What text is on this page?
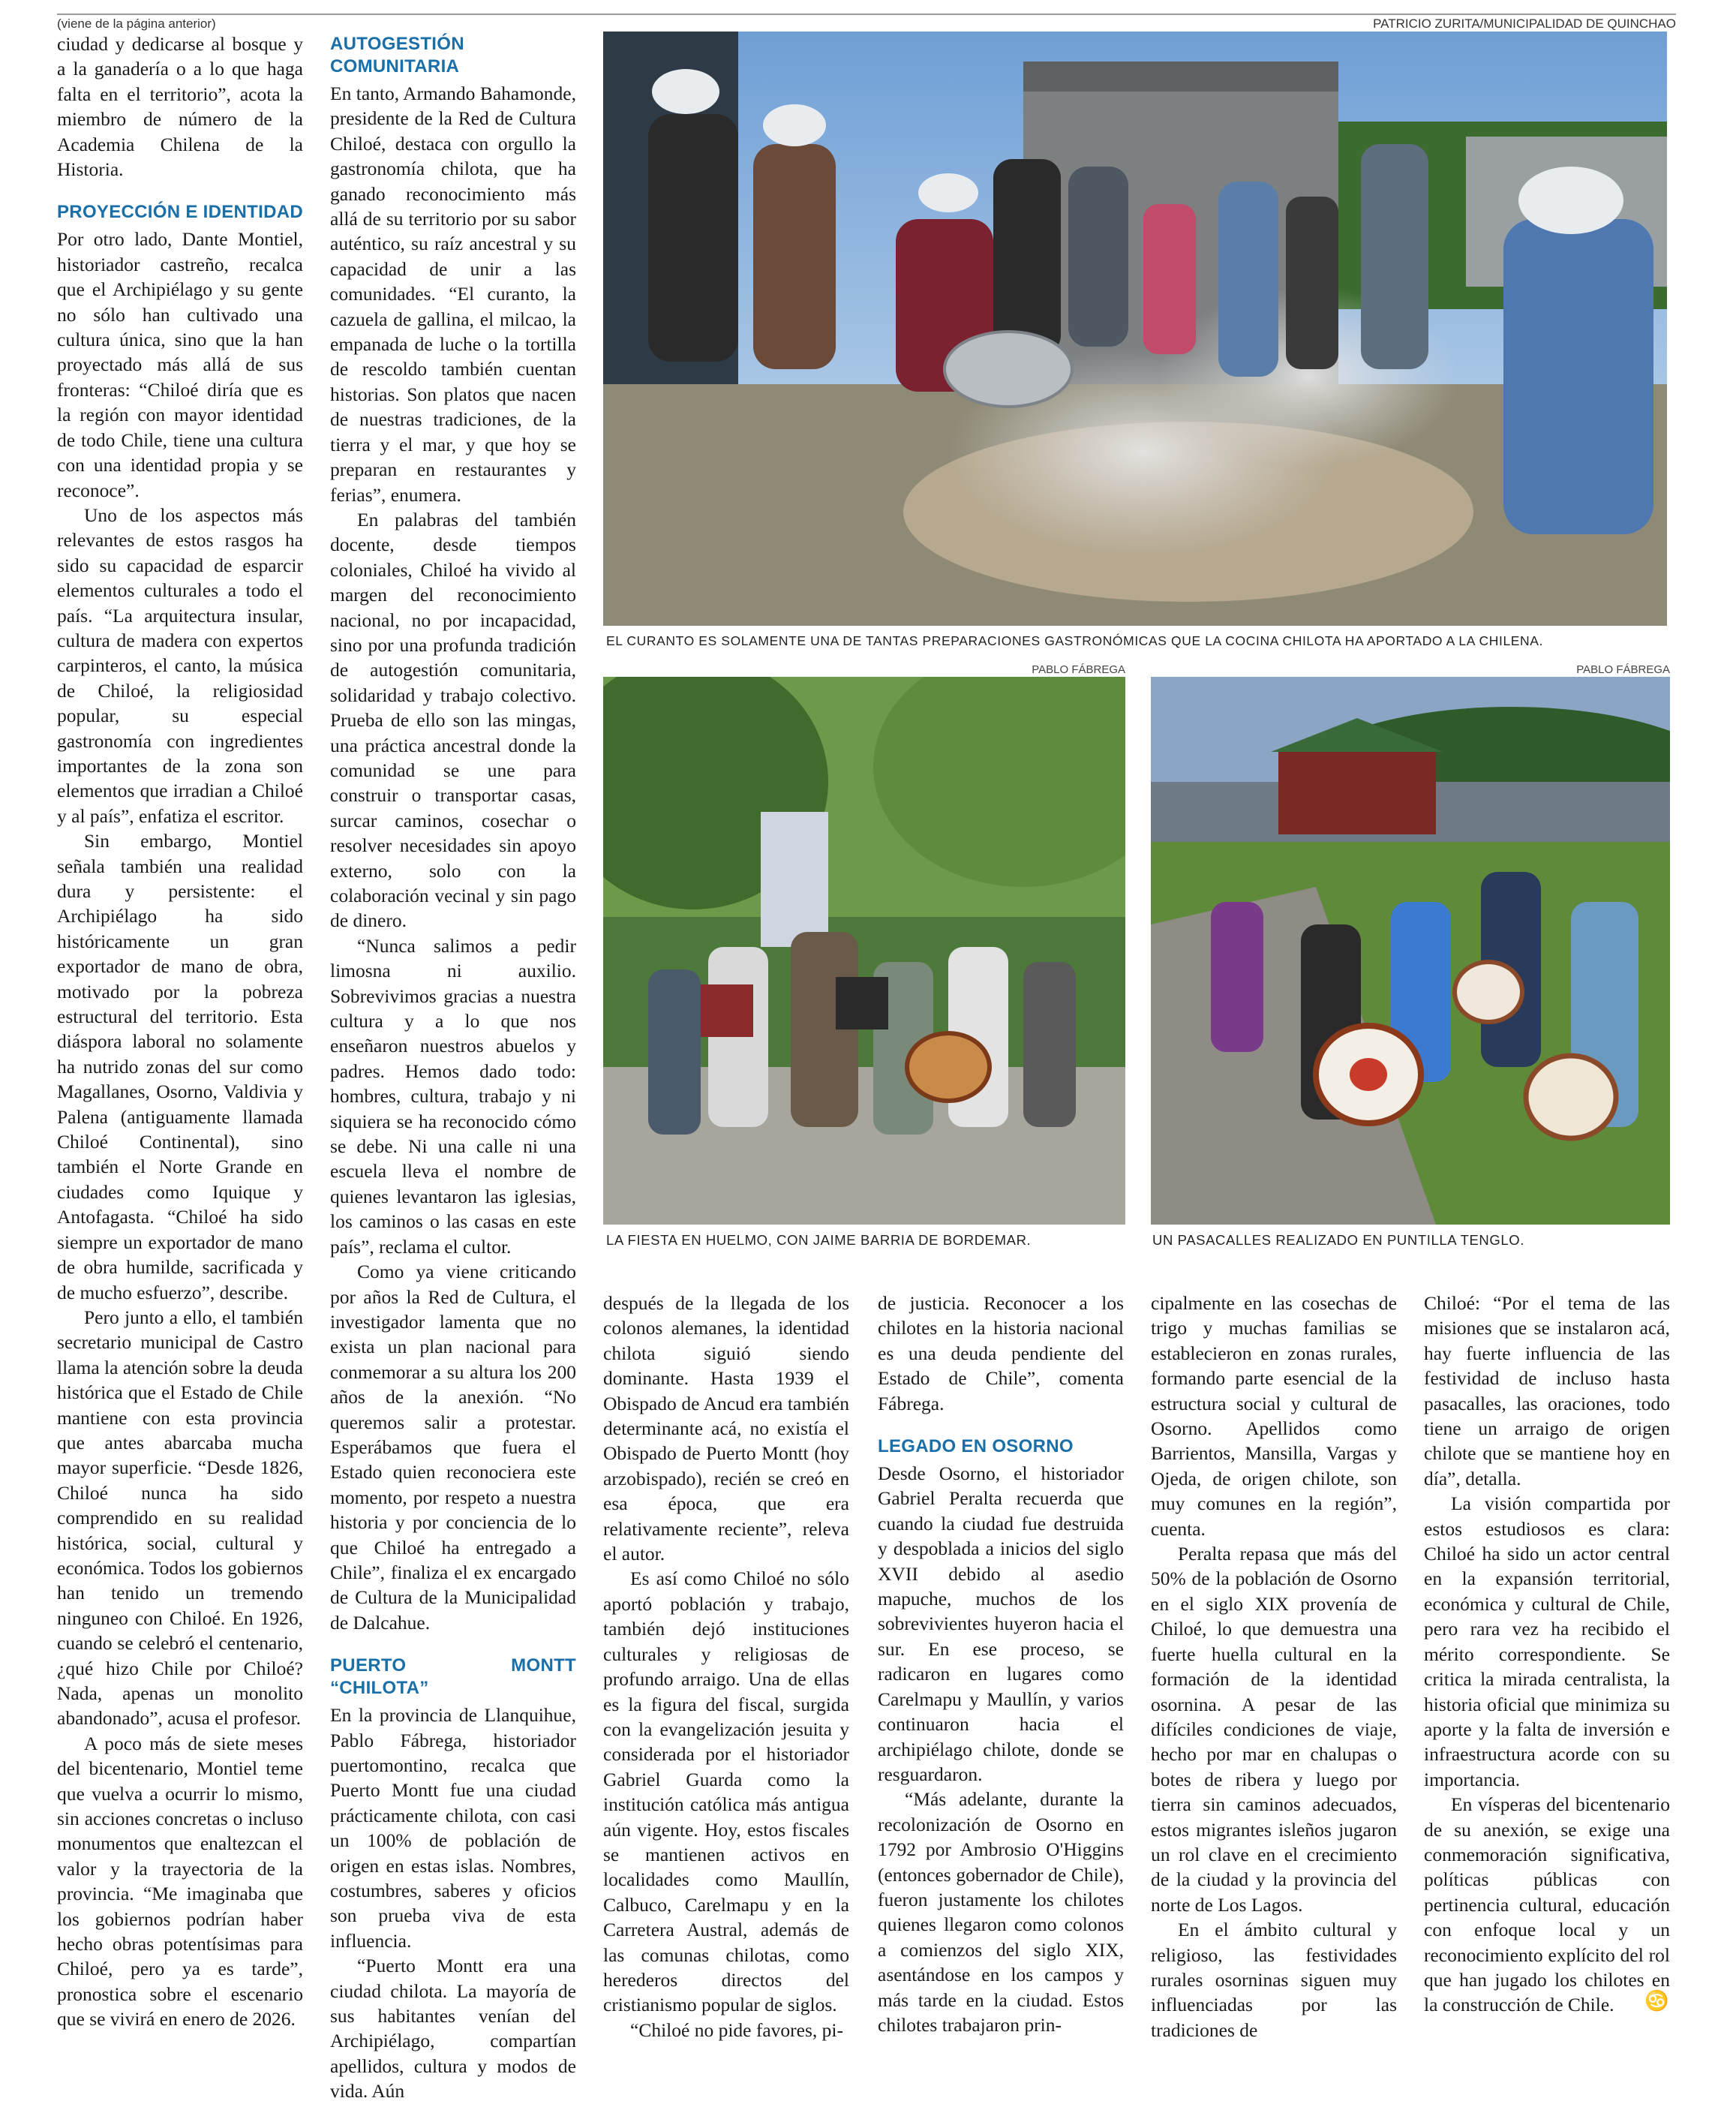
(viene de la página anterior)	PATRICIO ZURITA/MUNICIPALIDAD DE QUINCHAO

ciudad y dedicarse al bosque y a la ganadería o a lo que haga falta en el territorio”, acota la miembro de número de la Academia Chilena de la Historia.

PROYECCIÓN E IDENTIDAD

Por otro lado, Dante Montiel, historiador castreño, recalca que el Archipiélago y su gente no sólo han cultivado una cultura única, sino que la han proyectado más allá de sus fronteras: “Chiloé diría que es la región con mayor identidad de todo Chile, tiene una cultura con una identidad propia y se reconoce”.

Uno de los aspectos más relevantes de estos rasgos ha sido su capacidad de esparcir elementos culturales a todo el país. “La arquitectura insular, cultura de madera con expertos carpinteros, el canto, la música de Chiloé, la religiosidad popular, su especial gastronomía con ingredientes importantes de la zona son elementos que irradian a Chiloé y al país”, enfatiza el escritor.

Sin embargo, Montiel señala también una realidad dura y persistente: el Archipiélago ha sido históricamente un gran exportador de mano de obra, motivado por la pobreza estructural del territorio. Esta diáspora laboral no solamente ha nutrido zonas del sur como Magallanes, Osorno, Valdivia y Palena (antiguamente llamada Chiloé Continental), sino también el Norte Grande en ciudades como Iquique y Antofagasta. “Chiloé ha sido siempre un exportador de mano de obra humilde, sacrificada y de mucho esfuerzo”, describe.

Pero junto a ello, el también secretario municipal de Castro llama la atención sobre la deuda histórica que el Estado de Chile mantiene con esta provincia que antes abarcaba mucha mayor superficie. “Desde 1826, Chiloé nunca ha sido comprendido en su realidad histórica, social, cultural y económica. Todos los gobiernos han tenido un tremendo ninguneo con Chiloé. En 1926, cuando se celebró el centenario, ¿qué hizo Chile por Chiloé? Nada, apenas un monolito abandonado”, acusa el profesor.

A poco más de siete meses del bicentenario, Montiel teme que vuelva a ocurrir lo mismo, sin acciones concretas o incluso monumentos que enaltezcan el valor y la trayectoria de la provincia. “Me imaginaba que los gobiernos podrían haber hecho obras potentísimas para Chiloé, pero ya es tarde”, pronostica sobre el escenario que se vivirá en enero de 2026.

AUTOGESTIÓN COMUNITARIA

En tanto, Armando Bahamonde, presidente de la Red de Cultura Chiloé, destaca con orgullo la gastronomía chilota, que ha ganado reconocimiento más allá de su territorio por su sabor auténtico, su raíz ancestral y su capacidad de unir a las comunidades. “El curanto, la cazuela de gallina, el milcao, la empanada de luche o la tortilla de rescoldo también cuentan historias. Son platos que nacen de nuestras tradiciones, de la tierra y el mar, y que hoy se preparan en restaurantes y ferias”, enumera.

En palabras del también docente, desde tiempos coloniales, Chiloé ha vivido al margen del reconocimiento nacional, no por incapacidad, sino por una profunda tradición de autogestión comunitaria, solidaridad y trabajo colectivo. Prueba de ello son las mingas, una práctica ancestral donde la comunidad se une para construir o transportar casas, surcar caminos, cosechar o resolver necesidades sin apoyo externo, solo con la colaboración vecinal y sin pago de dinero.

“Nunca salimos a pedir limosna ni auxilio. Sobrevivimos gracias a nuestra cultura y a lo que nos enseñaron nuestros abuelos y padres. Hemos dado todo: hombres, cultura, trabajo y ni siquiera se ha reconocido cómo se debe. Ni una calle ni una escuela lleva el nombre de quienes levantaron las iglesias, los caminos o las casas en este país”, reclama el cultor.

Como ya viene criticando por años la Red de Cultura, el investigador lamenta que no exista un plan nacional para conmemorar a su altura los 200 años de la anexión. “No queremos salir a protestar. Esperábamos que fuera el Estado quien reconociera este momento, por respeto a nuestra historia y por conciencia de lo que Chiloé ha entregado a Chile”, finaliza el ex encargado de Cultura de la Municipalidad de Dalcahue.

PUERTO MONTT “CHILOTA”

En la provincia de Llanquihue, Pablo Fábrega, historiador puertomontino, recalca que Puerto Montt fue una ciudad prácticamente chilota, con casi un 100% de población de origen en estas islas. Nombres, costumbres, saberes y oficios son prueba viva de esta influencia.

“Puerto Montt era una ciudad chilota. La mayoría de sus habitantes venían del Archipiélago, compartían apellidos, cultura y modos de vida. Aún

EL CURANTO ES SOLAMENTE UNA DE TANTAS PREPARACIONES GASTRONÓMICAS QUE LA COCINA CHILOTA HA APORTADO A LA CHILENA.
PABLO FÁBREGA
LA FIESTA EN HUELMO, CON JAIME BARRIA DE BORDEMAR.
PABLO FÁBREGA
UN PASACALLES REALIZADO EN PUNTILLA TENGLO.

después de la llegada de los colonos alemanes, la identidad chilota siguió siendo dominante. Hasta 1939 el Obispado de Ancud era también determinante acá, no existía el Obispado de Puerto Montt (hoy arzobispado), recién se creó en esa época, que era relativamente reciente”, releva el autor.

Es así como Chiloé no sólo aportó población y trabajo, también dejó instituciones culturales y religiosas de profundo arraigo. Una de ellas es la figura del fiscal, surgida con la evangelización jesuita y considerada por el historiador Gabriel Guarda como la institución católica más antigua aún vigente. Hoy, estos fiscales se mantienen activos en localidades como Maullín, Calbuco, Carelmapu y en la Carretera Austral, además de las comunas chilotas, como herederos directos del cristianismo popular de siglos.

“Chiloé no pide favores, pi-

de justicia. Reconocer a los chilotes en la historia nacional es una deuda pendiente del Estado de Chile”, comenta Fábrega.

LEGADO EN OSORNO

Desde Osorno, el historiador Gabriel Peralta recuerda que cuando la ciudad fue destruida y despoblada a inicios del siglo XVII debido al asedio mapuche, muchos de los sobrevivientes huyeron hacia el sur. En ese proceso, se radicaron en lugares como Carelmapu y Maullín, y varios continuaron hacia el archipiélago chilote, donde se resguardaron.

“Más adelante, durante la recolonización de Osorno en 1792 por Ambrosio O'Higgins (entonces gobernador de Chile), fueron justamente los chilotes quienes llegaron como colonos a comienzos del siglo XIX, asentándose en los campos y más tarde en la ciudad. Estos chilotes trabajaron prin-

cipalmente en las cosechas de trigo y muchas familias se establecieron en zonas rurales, formando parte esencial de la estructura social y cultural de Osorno. Apellidos como Barrientos, Mansilla, Vargas y Ojeda, de origen chilote, son muy comunes en la región”, cuenta.

Peralta repasa que más del 50% de la población de Osorno en el siglo XIX provenía de Chiloé, lo que demuestra una fuerte huella cultural en la formación de la identidad osornina. A pesar de las difíciles condiciones de viaje, hecho por mar en chalupas o botes de ribera y luego por tierra sin caminos adecuados, estos migrantes isleños jugaron un rol clave en el crecimiento de la ciudad y la provincia del norte de Los Lagos.

En el ámbito cultural y religioso, las festividades rurales osorninas siguen muy influenciadas por las tradiciones de

Chiloé: “Por el tema de las misiones que se instalaron acá, hay fuerte influencia de las festividad de incluso hasta pasacalles, las oraciones, todo tiene un arraigo de origen chilote que se mantiene hoy en día”, detalla.

La visión compartida por estos estudiosos es clara: Chiloé ha sido un actor central en la expansión territorial, económica y cultural de Chile, pero rara vez ha recibido el mérito correspondiente. Se critica la mirada centralista, la historia oficial que minimiza su aporte y la falta de inversión e infraestructura acorde con su importancia.

En vísperas del bicentenario de su anexión, se exige una conmemoración significativa, políticas públicas con pertinencia cultural, educación con enfoque local y un reconocimiento explícito del rol que han jugado los chilotes en la construcción de Chile.	♋
